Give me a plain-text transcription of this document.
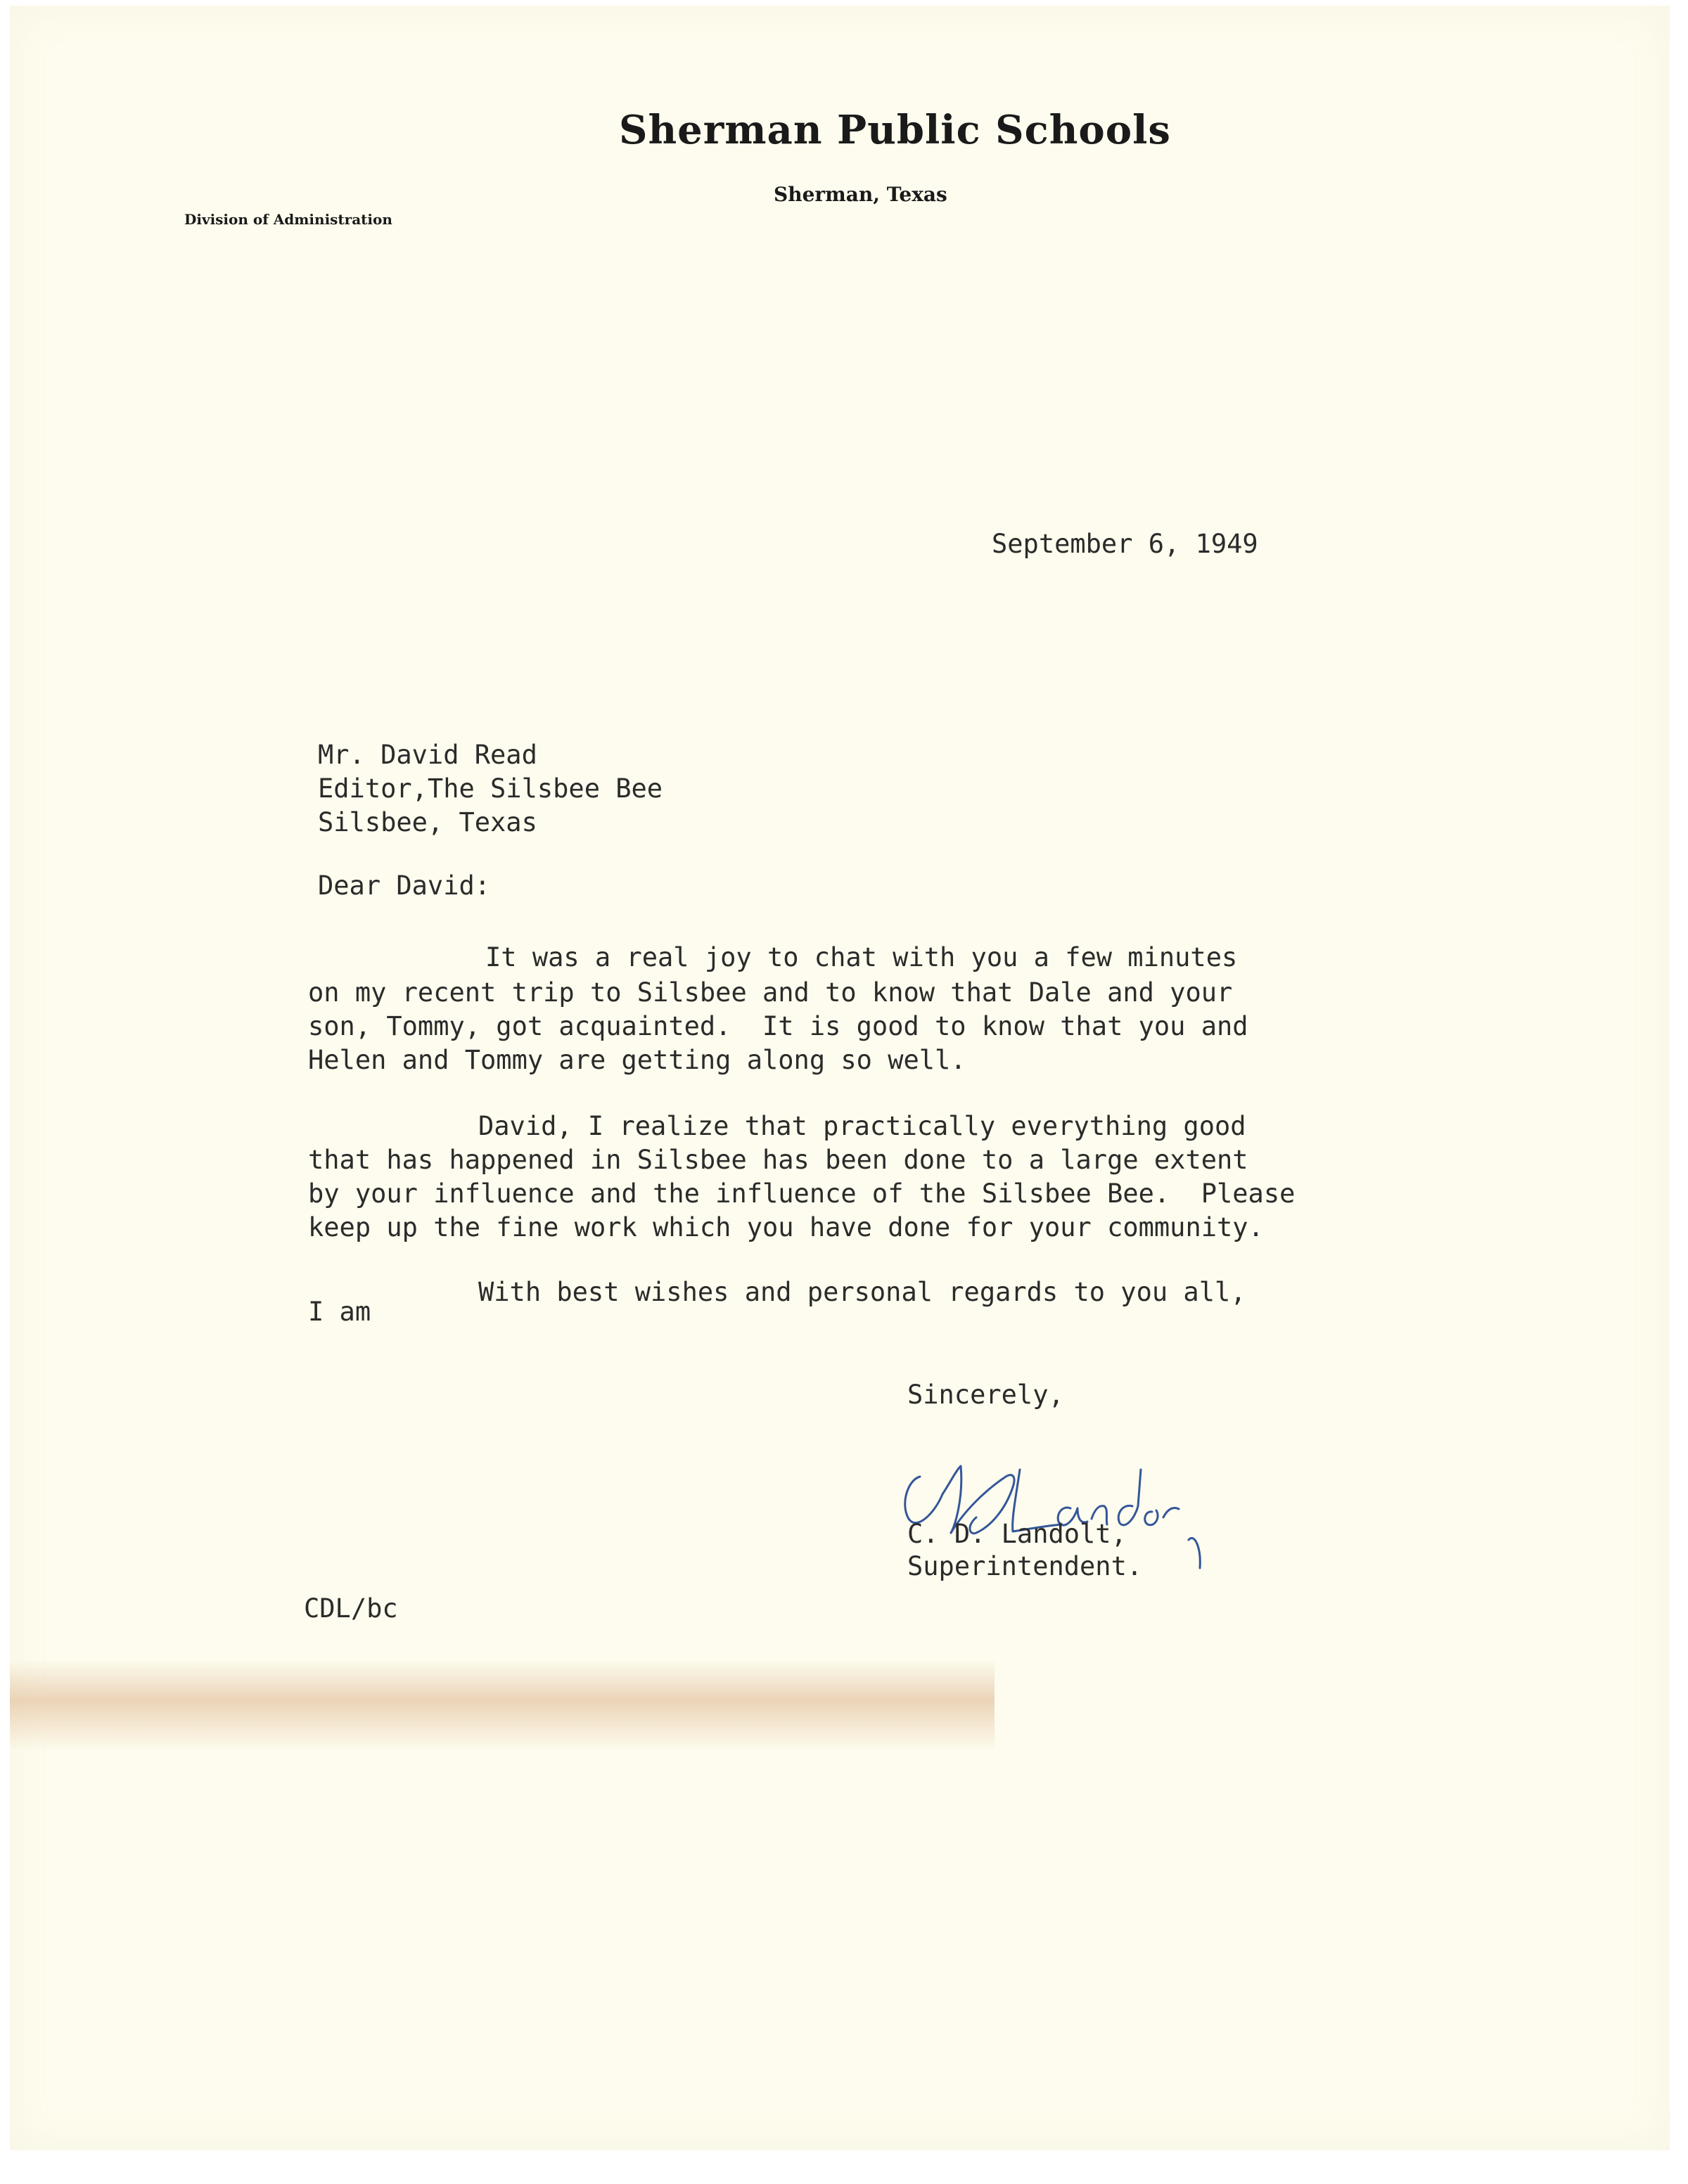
Sherman Public Schools
Sherman, Texas
Division of Administration
September 6, 1949
Mr. David Read
Editor,The Silsbee Bee
Silsbee, Texas
Dear David:
It was a real joy to chat with you a few minutes
on my recent trip to Silsbee and to know that Dale and your
son, Tommy, got acquainted.  It is good to know that you and
Helen and Tommy are getting along so well.
David, I realize that practically everything good
that has happened in Silsbee has been done to a large extent
by your influence and the influence of the Silsbee Bee.  Please
keep up the fine work which you have done for your community.
With best wishes and personal regards to you all,
I am
Sincerely,
C. D. Landolt,
Superintendent.
CDL/bc
